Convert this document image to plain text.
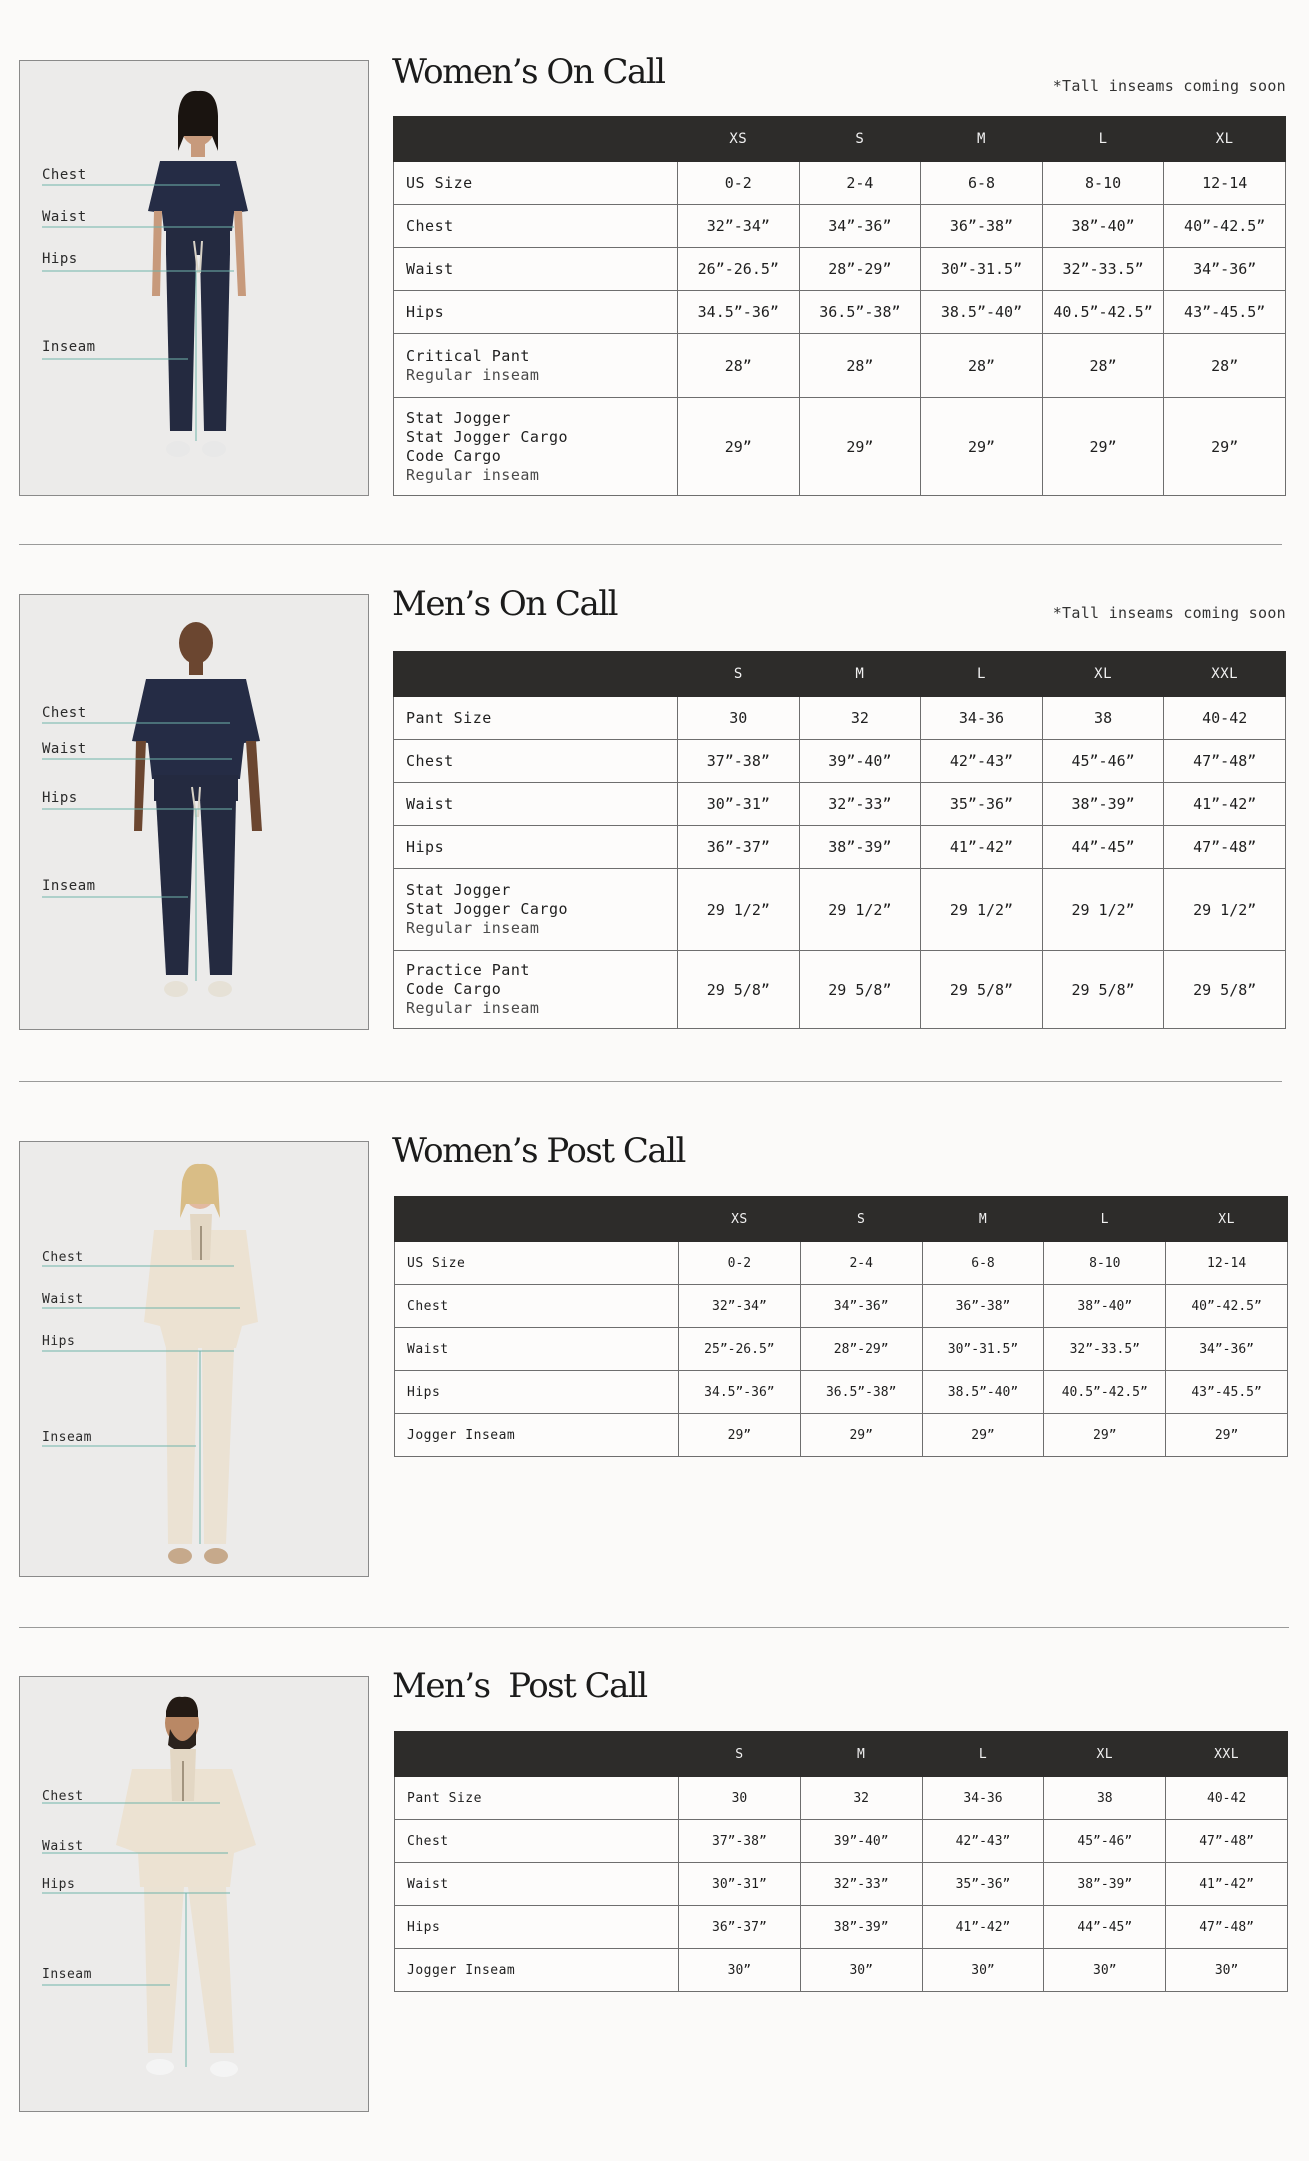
Chest
Waist
Hips
Inseam
Women’s On Call	*Tall inseams coming soon
	XS	S	M	L	XL

US Size	0-2	2-4	6-8	8-10	12-14

Chest	32”-34”	34”-36”	36”-38”	38”-40”	40”-42.5”

Waist	26”-26.5”	28”-29”	30”-31.5”	32”-33.5”	34”-36”

Hips	34.5”-36”	36.5”-38”	38.5”-40”	40.5”-42.5”	43”-45.5”

Critical Pant
Regular inseam	28”	28”	28”	28”	28”

Stat Jogger
Stat Jogger Cargo
Code Cargo
Regular inseam	29”	29”	29”	29”	29”
Chest
Waist
Hips
Inseam
Men’s On Call	*Tall inseams coming soon
	S	M	L	XL	XXL

Pant Size	30	32	34-36	38	40-42

Chest	37”-38”	39”-40”	42”-43”	45”-46”	47”-48”

Waist	30”-31”	32”-33”	35”-36”	38”-39”	41”-42”

Hips	36”-37”	38”-39”	41”-42”	44”-45”	47”-48”

Stat Jogger
Stat Jogger Cargo
Regular inseam	29 1/2”	29 1/2”	29 1/2”	29 1/2”	29 1/2”

Practice Pant
Code Cargo
Regular inseam	29 5/8”	29 5/8”	29 5/8”	29 5/8”	29 5/8”
Chest
Waist
Hips
Inseam
Women’s Post Call
	XS	S	M	L	XL

US Size	0-2	2-4	6-8	8-10	12-14

Chest	32”-34”	34”-36”	36”-38”	38”-40”	40”-42.5”

Waist	25”-26.5”	28”-29”	30”-31.5”	32”-33.5”	34”-36”

Hips	34.5”-36”	36.5”-38”	38.5”-40”	40.5”-42.5”	43”-45.5”

Jogger Inseam	29”	29”	29”	29”	29”
Chest
Waist
Hips
Inseam
Men’s  Post Call
	S	M	L	XL	XXL

Pant Size	30	32	34-36	38	40-42

Chest	37”-38”	39”-40”	42”-43”	45”-46”	47”-48”

Waist	30”-31”	32”-33”	35”-36”	38”-39”	41”-42”

Hips	36”-37”	38”-39”	41”-42”	44”-45”	47”-48”

Jogger Inseam	30”	30”	30”	30”	30”
